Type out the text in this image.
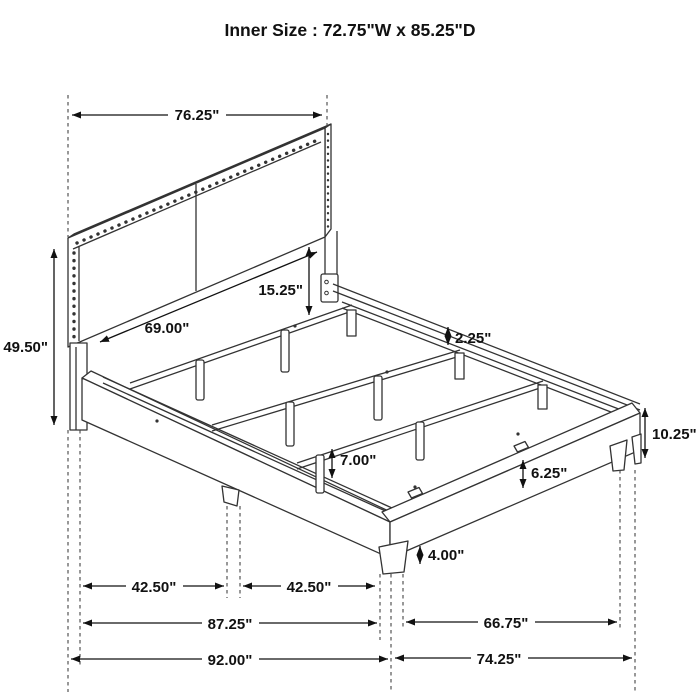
Inner Size : 72.75"W x 85.25"D
76.25"
49.50"
69.00"
15.25"
2.25"
10.25"
7.00"
6.25"
4.00"
42.50"	42.50"
87.25"	66.75"
92.00"	74.25"
